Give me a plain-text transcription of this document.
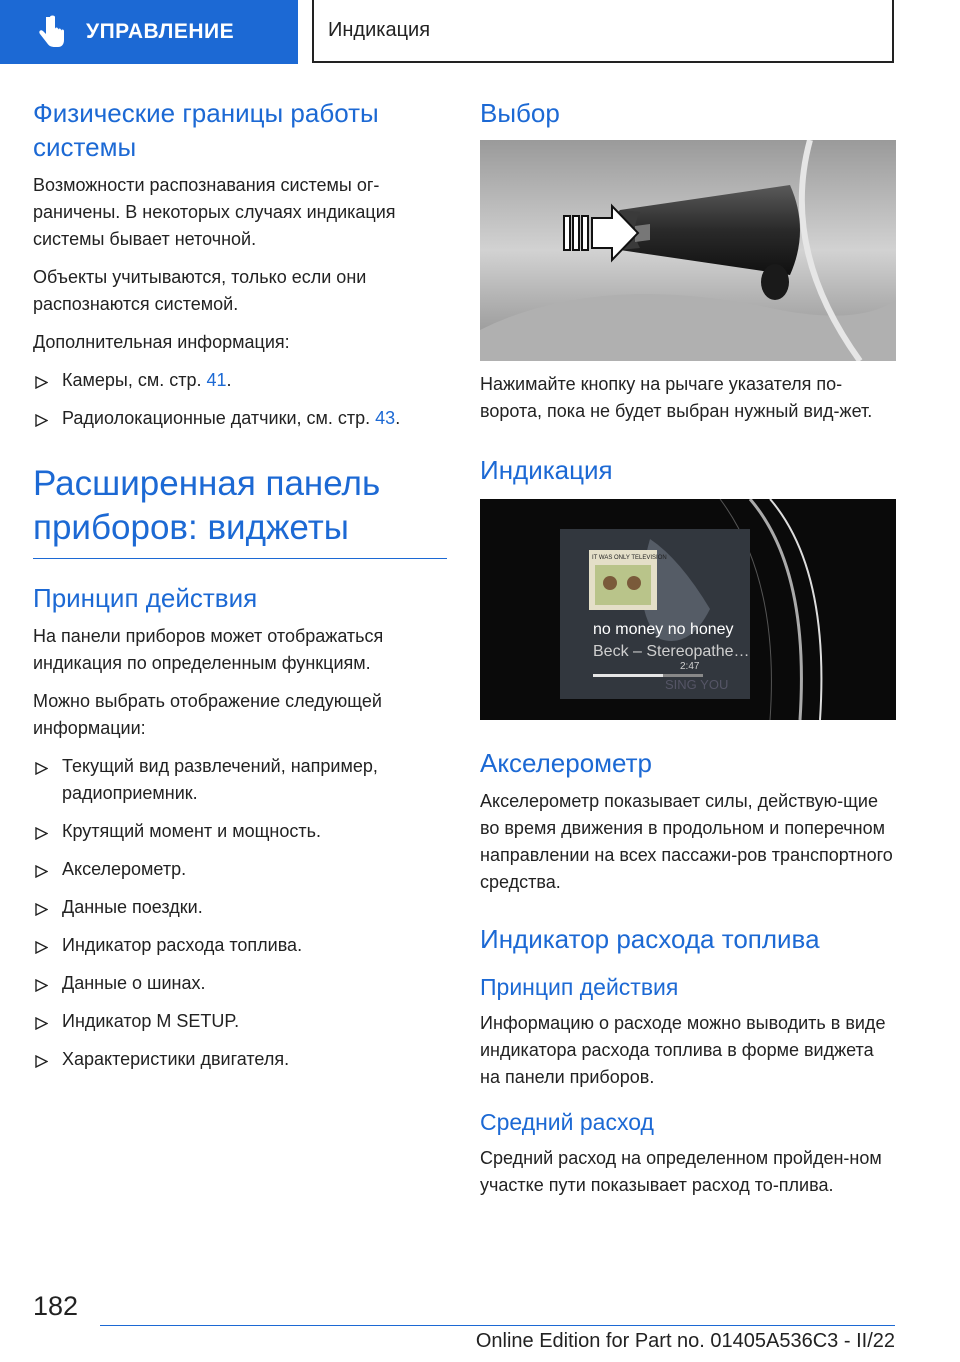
УПРАВЛЕНИЕ	Индикация
Физические границы работы системы

Возможности распознавания системы ог-раничены. В некоторых случаях индикация системы бывает неточной.

Объекты учитываются, только если они распознаются системой.

Дополнительная информация:

Камеры, см. стр. 41.
Радиолокационные датчики, см. стр. 43.
Расширенная панель приборов: виджеты
Принцип действия

На панели приборов может отображаться индикация по определенным функциям.

Можно выбрать отображение следующей информации:

Текущий вид развлечений, например, радиоприемник.
Крутящий момент и мощность.
Акселерометр.
Данные поездки.
Индикатор расхода топлива.
Данные о шинах.
Индикатор M SETUP.
Характеристики двигателя.
Выбор

Нажимайте кнопку на рычаге указателя по-ворота, пока не будет выбран нужный вид-жет.

Индикация
IT WAS ONLY TELEVISION
no money no honey
Beck – Stereopathe…
2:47
SING YOU
Акселерометр

Акселерометр показывает силы, действую-щие во время движения в продольном и поперечном направлении на всех пассажи-ров транспортного средства.

Индикатор расхода топлива
Принцип действия

Информацию о расходе можно выводить в виде индикатора расхода топлива в форме виджета на панели приборов.

Средний расход

Средний расход на определенном пройден-ном участке пути показывает расход то-плива.

182
Online Edition for Part no. 01405A536C3 - II/22
